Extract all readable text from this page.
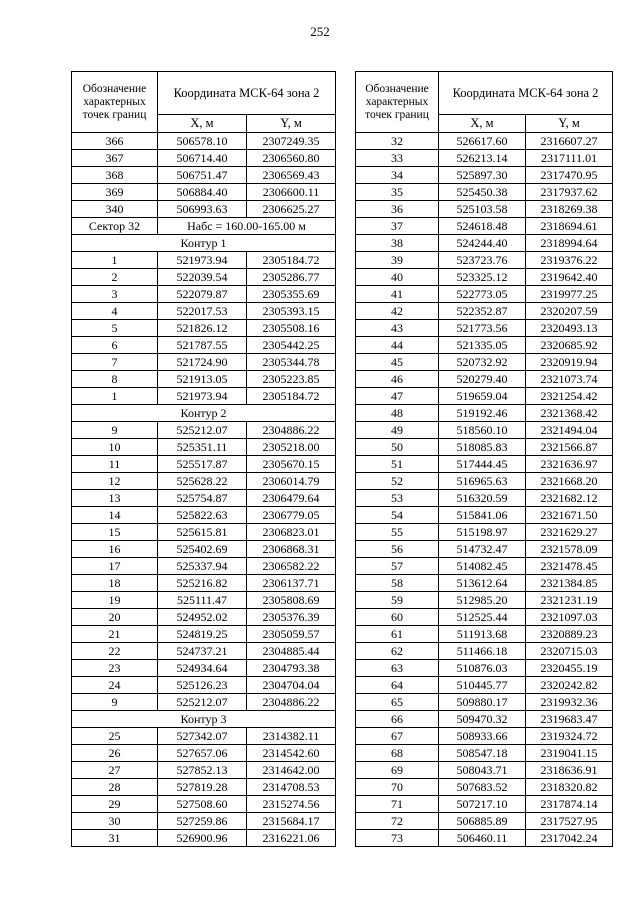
252
Обозначение характерных точек границ	Координата МСК-64 зона 2	
	X, м	Y, м
366	506578.10	2307249.35
367	506714.40	2306560.80
368	506751.47	2306569.43
369	506884.40	2306600.11
340	506993.63	2306625.27
Сектор 32	Набс = 160.00-165.00 м	
Контур 1		
1	521973.94	2305184.72
2	522039.54	2305286.77
3	522079.87	2305355.69
4	522017.53	2305393.15
5	521826.12	2305508.16
6	521787.55	2305442.25
7	521724.90	2305344.78
8	521913.05	2305223.85
1	521973.94	2305184.72
Контур 2		
9	525212.07	2304886.22
10	525351.11	2305218.00
11	525517.87	2305670.15
12	525628.22	2306014.79
13	525754.87	2306479.64
14	525822.63	2306779.05
15	525615.81	2306823.01
16	525402.69	2306868.31
17	525337.94	2306582.22
18	525216.82	2306137.71
19	525111.47	2305808.69
20	524952.02	2305376.39
21	524819.25	2305059.57
22	524737.21	2304885.44
23	524934.64	2304793.38
24	525126.23	2304704.04
9	525212.07	2304886.22
Контур 3		
25	527342.07	2314382.11
26	527657.06	2314542.60
27	527852.13	2314642.00
28	527819.28	2314708.53
29	527508.60	2315274.56
30	527259.86	2315684.17
31	526900.96	2316221.06
Обозначение характерных точек границ	Координата МСК-64 зона 2	
	X, м	Y, м
32	526617.60	2316607.27
33	526213.14	2317111.01
34	525897.30	2317470.95
35	525450.38	2317937.62
36	525103.58	2318269.38
37	524618.48	2318694.61
38	524244.40	2318994.64
39	523723.76	2319376.22
40	523325.12	2319642.40
41	522773.05	2319977.25
42	522352.87	2320207.59
43	521773.56	2320493.13
44	521335.05	2320685.92
45	520732.92	2320919.94
46	520279.40	2321073.74
47	519659.04	2321254.42
48	519192.46	2321368.42
49	518560.10	2321494.04
50	518085.83	2321566.87
51	517444.45	2321636.97
52	516965.63	2321668.20
53	516320.59	2321682.12
54	515841.06	2321671.50
55	515198.97	2321629.27
56	514732.47	2321578.09
57	514082.45	2321478.45
58	513612.64	2321384.85
59	512985.20	2321231.19
60	512525.44	2321097.03
61	511913.68	2320889.23
62	511466.18	2320715.03
63	510876.03	2320455.19
64	510445.77	2320242.82
65	509880.17	2319932.36
66	509470.32	2319683.47
67	508933.66	2319324.72
68	508547.18	2319041.15
69	508043.71	2318636.91
70	507683.52	2318320.82
71	507217.10	2317874.14
72	506885.89	2317527.95
73	506460.11	2317042.24
